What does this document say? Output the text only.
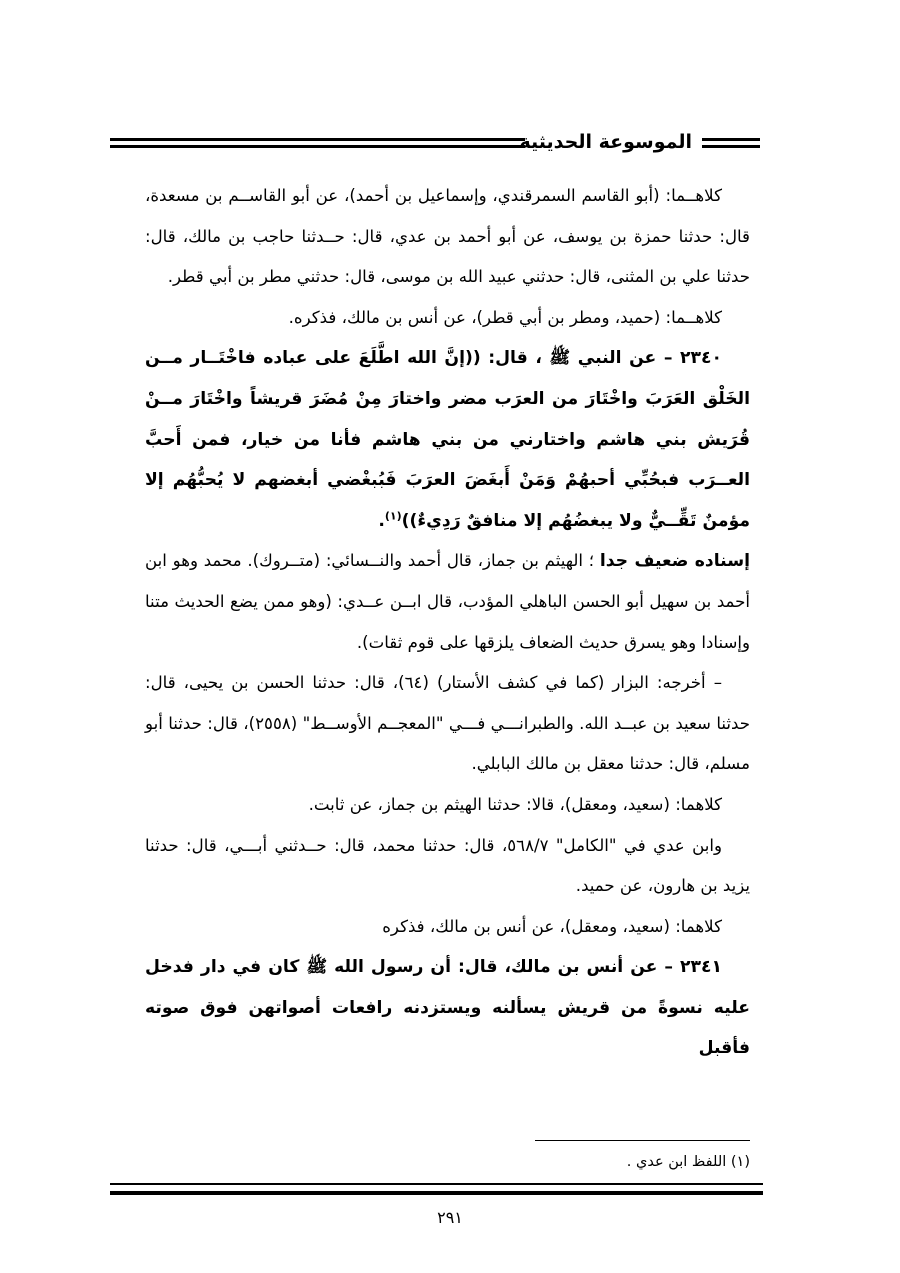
الموسوعة الحديثية

كلاهــما: (أبو القاسم السمرقندي، وإسماعيل بن أحمد)، عن أبو القاســم بن مسعدة، قال: حدثنا حمزة بن يوسف، عن أبو أحمد بن عدي، قال: حــدثنا حاجب بن مالك، قال: حدثنا علي بن المثنى، قال: حدثني عبيد الله بن موسى، قال: حدثني مطر بن أبي قطر.

كلاهــما: (حميد، ومطر بن أبي قطر)، عن أنس بن مالك، فذكره.

٢٣٤٠ – عن النبي ﷺ ، قال: ((إنَّ الله اطَّلَعَ على عباده فاخْتَــار مــن الخَلْق العَرَبَ واخْتَارَ من العرَب مضر واختارَ مِنْ مُضَرَ قريشاً واخْتَارَ مــنْ قُرَيش بني هاشم واختارني من بني هاشم فأنا من خيار، فمن أَحبَّ العــرَب فبحُبِّي أحبهُمْ وَمَنْ أَبغَضَ العرَبَ فَبُبغْضي أبغضهم لا يُحبُّهُم إلا مؤمنٌ تَقِّــيٌّ ولا يبغضُهُم إلا منافقٌ رَدِيءٌ))$^{(١)}$.

إسناده ضعيف جدا ؛ الهيثم بن جماز، قال أحمد والنــسائي: (متــروك). محمد وهو ابن أحمد بن سهيل أبو الحسن الباهلي المؤدب، قال ابــن عــدي: (وهو ممن يضع الحديث متنا وإسنادا وهو يسرق حديث الضعاف يلزقها على قوم ثقات).

– أخرجه: البزار (كما في كشف الأستار) (٦٤)، قال: حدثنا الحسن بن يحيى، قال: حدثنا سعيد بن عبــد الله. والطبرانـــي فـــي "المعجــم الأوســط" (٢٥٥٨)، قال: حدثنا أبو مسلم، قال: حدثنا معقل بن مالك البابلي.

كلاهما: (سعيد، ومعقل)، قالا: حدثنا الهيثم بن جماز، عن ثابت.

وابن عدي في "الكامل" ٥٦٨/٧، قال: حدثنا محمد، قال: حــدثني أبـــي، قال: حدثنا يزيد بن هارون، عن حميد.

كلاهما: (سعيد، ومعقل)، عن أنس بن مالك، فذكره

٢٣٤١ – عن أنس بن مالك، قال: أن رسول الله ﷺ كان في دار فدخل عليه نسوةً من قريش يسألنه ويستزدنه رافعات أصواتهن فوق صوته فأقبل

(١) اللفظ ابن عدي .
٢٩١
